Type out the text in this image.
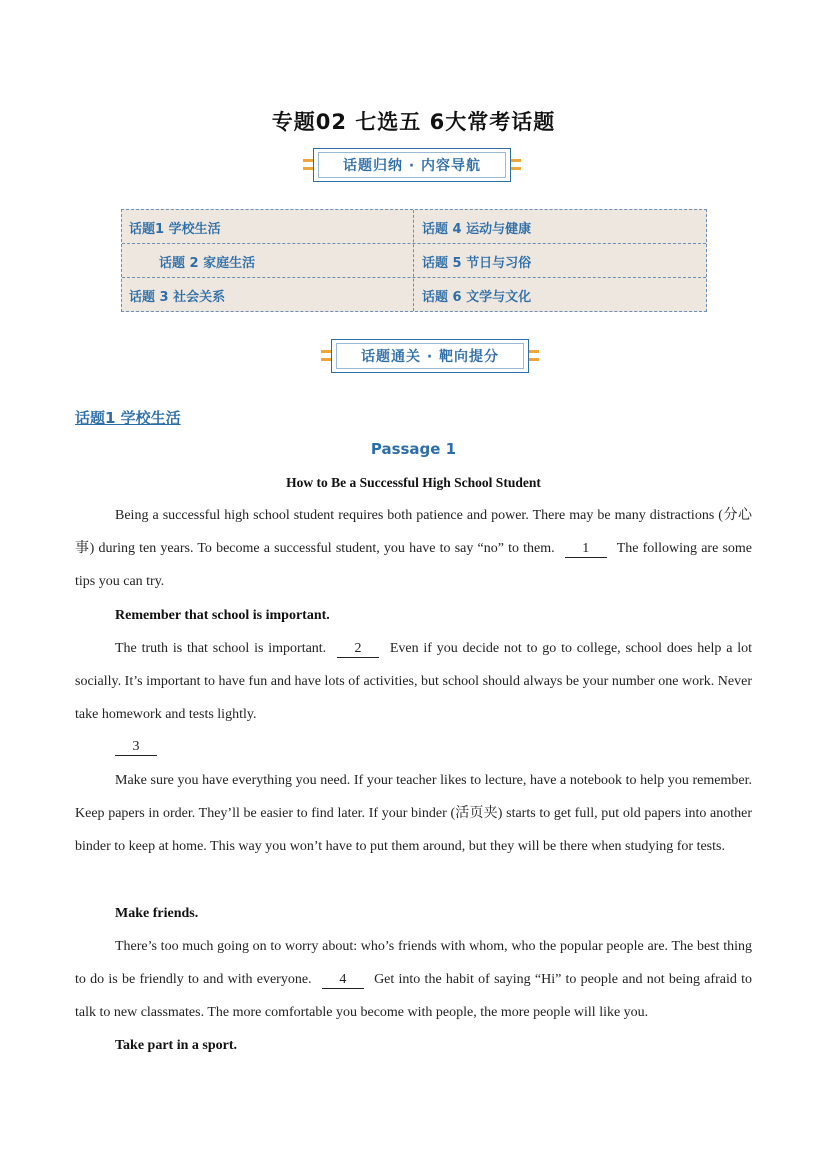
专题02 七选五 6大常考话题
话题归纳 · 内容导航
话题1 学校生活	话题 4 运动与健康
话题 2 家庭生活	话题 5 节日与习俗
话题 3 社会关系	话题 6 文学与文化
话题通关 · 靶向提分
话题1 学校生活
Passage 1
How to Be a Successful High School Student
Being a successful high school student requires both patience and power. There may be many distractions (分心事) during ten years. To become a successful student, you have to say “no” to them. 1 The following are some tips you can try.
Remember that school is important.
The truth is that school is important. 2 Even if you decide not to go to college, school does help a lot socially. It’s important to have fun and have lots of activities, but school should always be your number one work. Never take homework and tests lightly.
3
Make sure you have everything you need. If your teacher likes to lecture, have a notebook to help you remember. Keep papers in order. They’ll be easier to find later. If your binder (活页夹) starts to get full, put old papers into another binder to keep at home. This way you won’t have to put them around, but they will be there when studying for tests.
Make friends.
There’s too much going on to worry about: who’s friends with whom, who the popular people are. The best thing to do is be friendly to and with everyone. 4 Get into the habit of saying “Hi” to people and not being afraid to talk to new classmates. The more comfortable you become with people, the more people will like you.
Take part in a sport.
